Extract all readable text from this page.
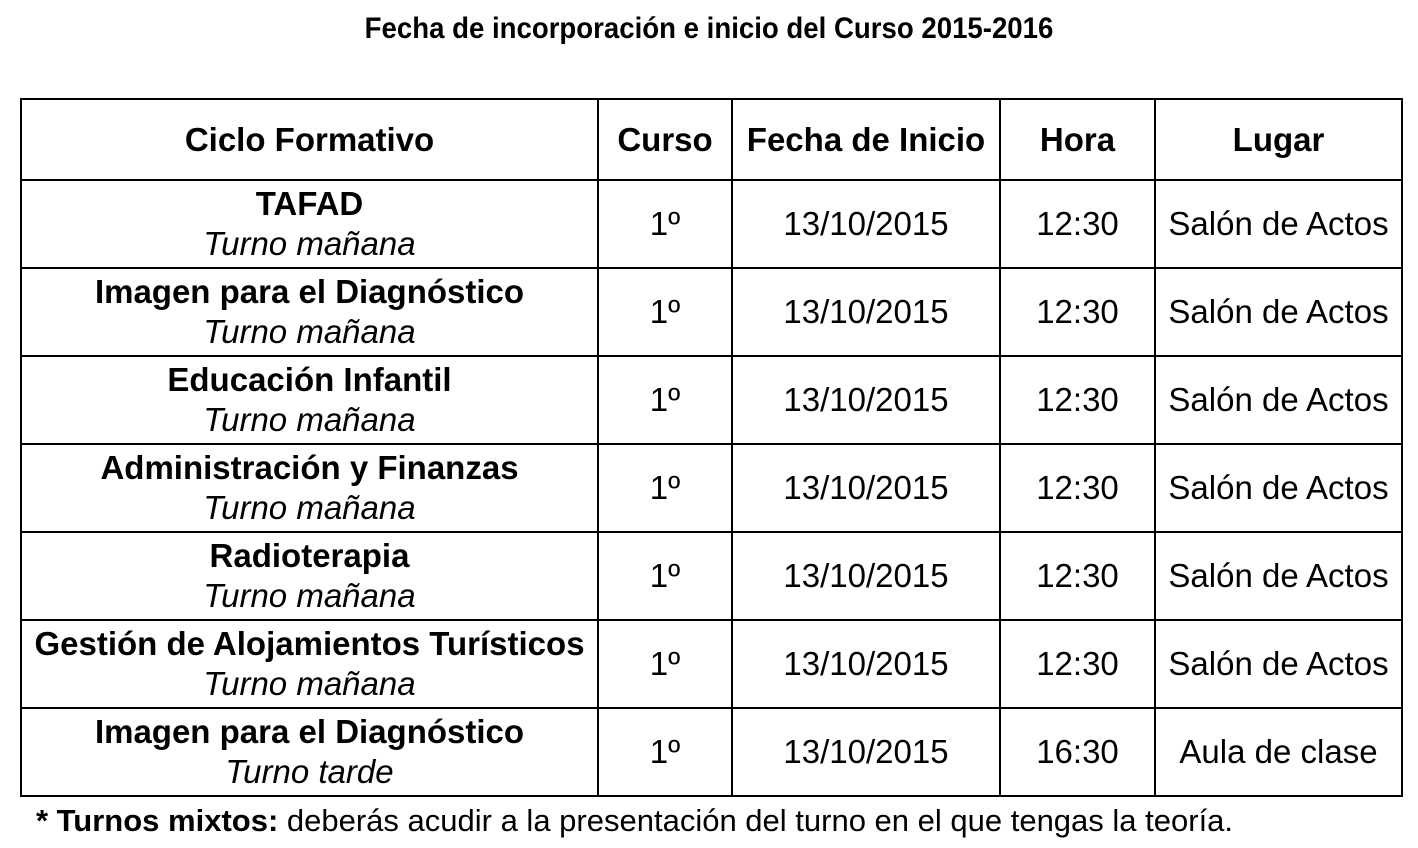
Fecha de incorporación e inicio del Curso 2015-2016
Ciclo Formativo	Curso	Fecha de Inicio	Hora	Lugar

TAFAD
Turno mañana	1º	13/10/2015	12:30	Salón de Actos

Imagen para el Diagnóstico
Turno mañana	1º	13/10/2015	12:30	Salón de Actos

Educación Infantil
Turno mañana	1º	13/10/2015	12:30	Salón de Actos

Administración y Finanzas
Turno mañana	1º	13/10/2015	12:30	Salón de Actos

Radioterapia
Turno mañana	1º	13/10/2015	12:30	Salón de Actos

Gestión de Alojamientos Turísticos
Turno mañana	1º	13/10/2015	12:30	Salón de Actos

Imagen para el Diagnóstico
Turno tarde	1º	13/10/2015	16:30	Aula de clase
* Turnos mixtos: deberás acudir a la presentación del turno en el que tengas la teoría.
